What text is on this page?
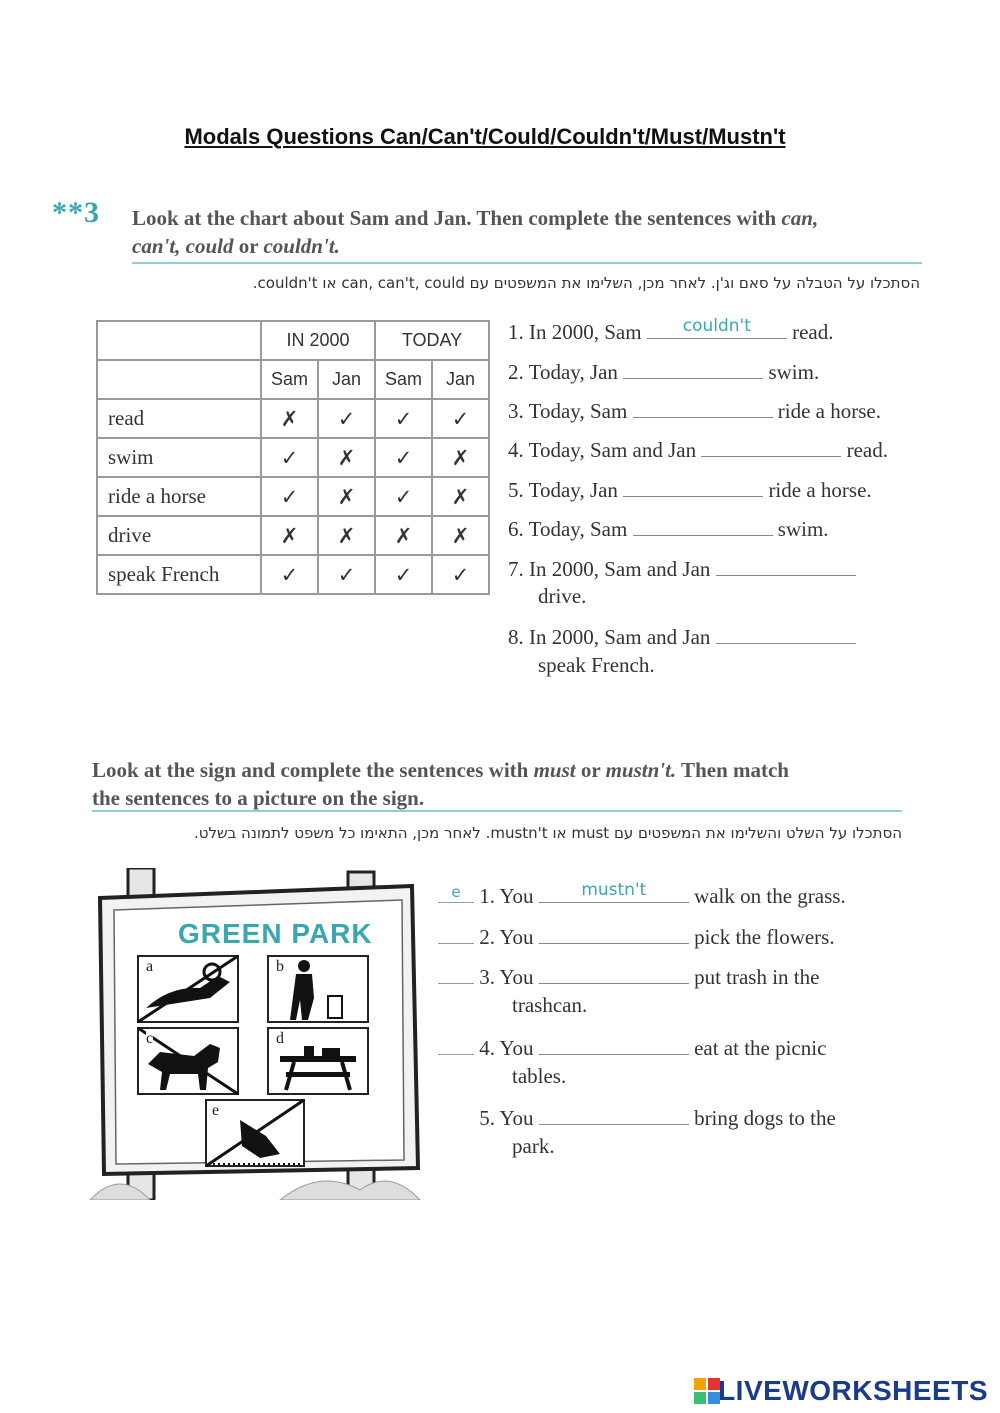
Modals Questions Can/Can't/Could/Couldn't/Must/Mustn't
**3 Look at the chart about Sam and Jan. Then complete the sentences with can,
can't, could or couldn't.
הסתכלו על הטבלה על סאם וג'ן. לאחר מכן, השלימו את המשפטים עם can, can't, could או couldn't.
	IN 2000		TODAY	
	Sam	Jan	Sam	Jan
read	✗	✓	✓	✓
swim	✓	✗	✓	✗
ride a horse	✓	✗	✓	✗
drive	✗	✗	✗	✗
speak French	✓	✓	✓	✓
1. In 2000, Sam	couldn't	read.
2. Today, Jan	swim.
3. Today, Sam	ride a horse.
4. Today, Sam and Jan	read.
5. Today, Jan	ride a horse.
6. Today, Sam	swim.
7. In 2000, Sam and Jan
drive.
8. In 2000, Sam and Jan
speak French.
Look at the sign and complete the sentences with must or mustn't. Then match
the sentences to a picture on the sign.
הסתכלו על השלט והשלימו את המשפטים עם must או mustn't. לאחר מכן, התאימו כל משפט לתמונה בשלט.
GREEN PARK
a	b
c	d
e
e 1. You	mustn't	walk on the grass.
2. You	pick the flowers.
3. You	put trash in the
trashcan.
4. You	eat at the picnic
tables.
5. You	bring dogs to the
park.
LIVEWORKSHEETS
